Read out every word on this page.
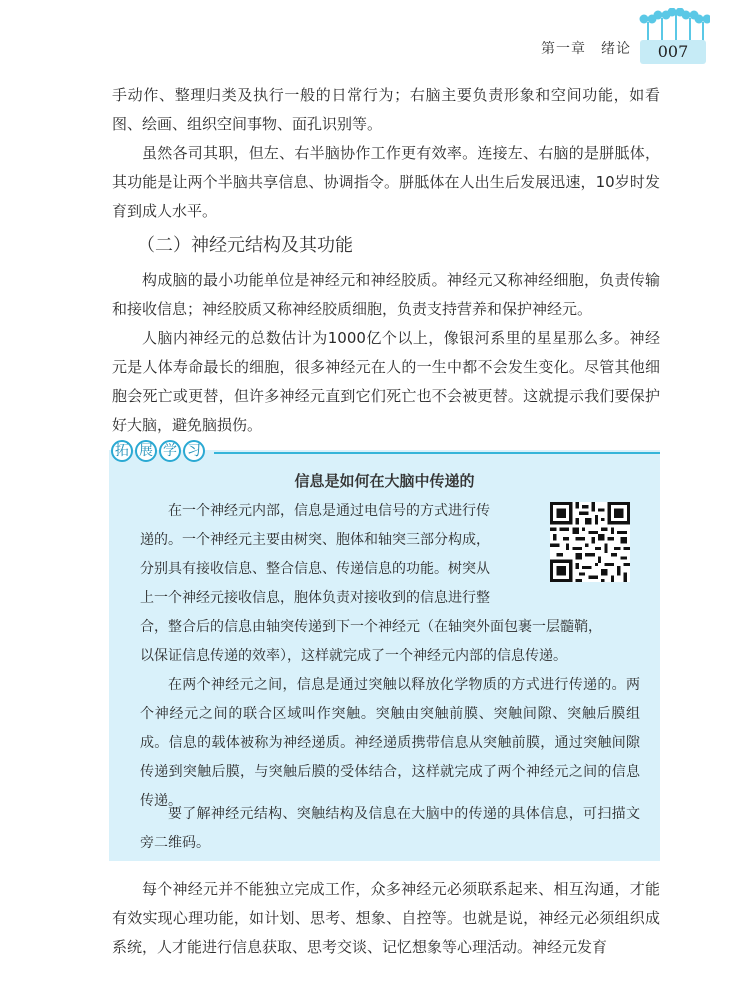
第一章　绪论	007

手动作、整理归类及执行一般的日常行为；右脑主要负责形象和空间功能，如看图、绘画、组织空间事物、面孔识别等。

虽然各司其职，但左、右半脑协作工作更有效率。连接左、右脑的是胼胝体，其功能是让两个半脑共享信息、协调指令。胼胝体在人出生后发展迅速，10岁时发育到成人水平。

（二）神经元结构及其功能

构成脑的最小功能单位是神经元和神经胶质。神经元又称神经细胞，负责传输和接收信息；神经胶质又称神经胶质细胞，负责支持营养和保护神经元。

人脑内神经元的总数估计为1000亿个以上，像银河系里的星星那么多。神经元是人体寿命最长的细胞，很多神经元在人的一生中都不会发生变化。尽管其他细胞会死亡或更替，但许多神经元直到它们死亡也不会被更替。这就提示我们要保护好大脑，避免脑损伤。

拓 展 学 习
信息是如何在大脑中传递的
在一个神经元内部，信息是通过电信号的方式进行传
递的。一个神经元主要由树突、胞体和轴突三部分构成，
分别具有接收信息、整合信息、传递信息的功能。树突从
上一个神经元接收信息，胞体负责对接收到的信息进行整
合，整合后的信息由轴突传递到下一个神经元（在轴突外面包裹一层髓鞘，
以保证信息传递的效率），这样就完成了一个神经元内部的信息传递。

在两个神经元之间，信息是通过突触以释放化学物质的方式进行传递的。两个神经元之间的联合区域叫作突触。突触由突触前膜、突触间隙、突触后膜组成。信息的载体被称为神经递质。神经递质携带信息从突触前膜，通过突触间隙传递到突触后膜，与突触后膜的受体结合，这样就完成了两个神经元之间的信息传递。

要了解神经元结构、突触结构及信息在大脑中的传递的具体信息，可扫描文旁二维码。

每个神经元并不能独立完成工作，众多神经元必须联系起来、相互沟通，才能有效实现心理功能，如计划、思考、想象、自控等。也就是说，神经元必须组织成系统，人才能进行信息获取、思考交谈、记忆想象等心理活动。神经元发育
